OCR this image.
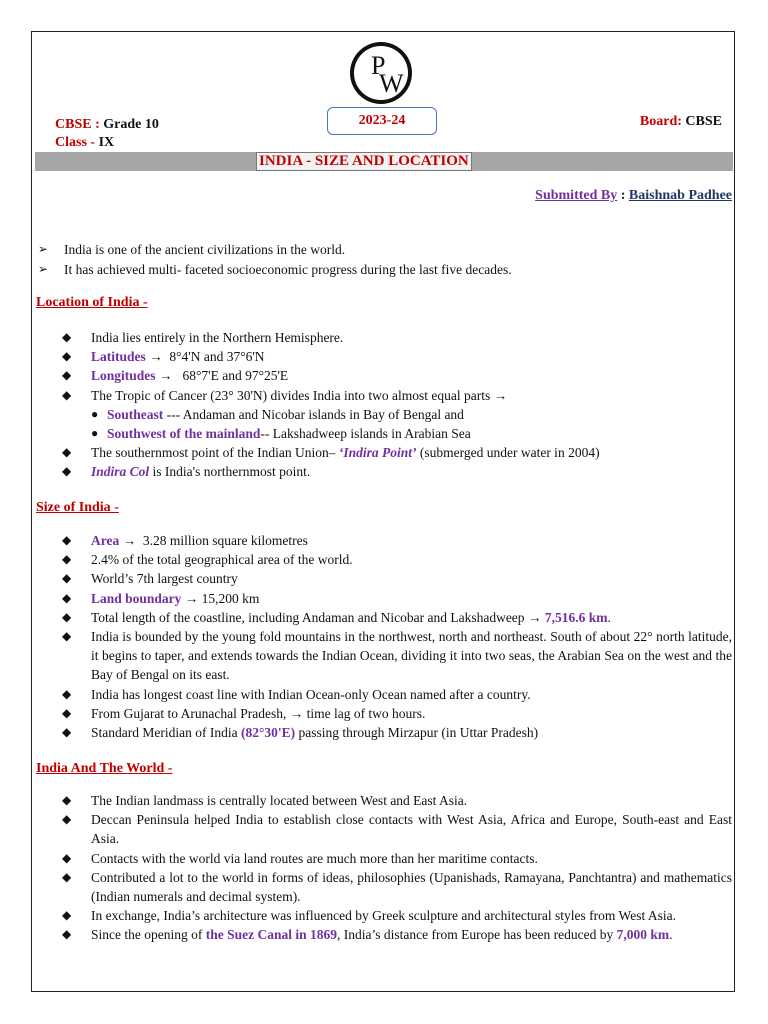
P
W
CBSE : Grade 10
Class - IX
2023-24	Board: CBSE
INDIA - SIZE AND LOCATION
Submitted By : Baishnab Padhee
➢ India is one of the ancient civilizations in the world.
➢ It has achieved multi- faceted socioeconomic progress during the last five decades.
Location of India -
◆ India lies entirely in the Northern Hemisphere.
◆ Latitudes → 8°4'N and 37°6'N
◆ Longitudes → 68°7'E and 97°25'E
◆ The Tropic of Cancer (23° 30'N) divides India into two almost equal parts →
● Southeast --- Andaman and Nicobar islands in Bay of Bengal and
● Southwest of the mainland-- Lakshadweep islands in Arabian Sea
◆ The southernmost point of the Indian Union– ‘Indira Point’ (submerged under water in 2004)
◆ Indira Col is India's northernmost point.
Size of India -
◆ Area → 3.28 million square kilometres
◆ 2.4% of the total geographical area of the world.
◆ World’s 7th largest country
◆ Land boundary → 15,200 km
◆ Total length of the coastline, including Andaman and Nicobar and Lakshadweep → 7,516.6 km.
◆ India is bounded by the young fold mountains in the northwest, north and northeast. South of about 22° north latitude, it begins to taper, and extends towards the Indian Ocean, dividing it into two seas, the Arabian Sea on the west and the Bay of Bengal on its east.
◆ India has longest coast line with Indian Ocean-only Ocean named after a country.
◆ From Gujarat to Arunachal Pradesh, → time lag of two hours.
◆ Standard Meridian of India (82°30'E) passing through Mirzapur (in Uttar Pradesh)
India And The World -
◆ The Indian landmass is centrally located between West and East Asia.
◆ Deccan Peninsula helped India to establish close contacts with West Asia, Africa and Europe, South-east and East Asia.
◆ Contacts with the world via land routes are much more than her maritime contacts.
◆ Contributed a lot to the world in forms of ideas, philosophies (Upanishads, Ramayana, Panchtantra) and mathematics (Indian numerals and decimal system).
◆ In exchange, India’s architecture was influenced by Greek sculpture and architectural styles from West Asia.
◆ Since the opening of the Suez Canal in 1869, India’s distance from Europe has been reduced by 7,000 km.
